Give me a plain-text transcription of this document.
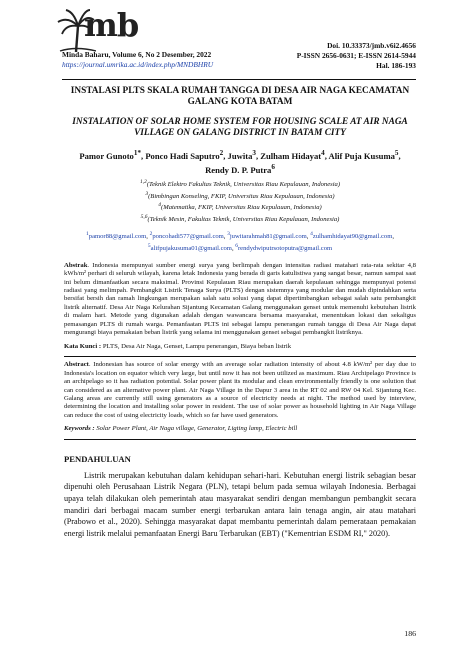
mb
Minda Baharu, Volume 6, No 2 Desember, 2022
https://journal.umrika.ac.id/index.php/MNDBHRU
Doi. 10.33373/jmb.v6i2.4656
P-ISSN 2656-0631; E-ISSN 2614-5944
Hal. 186-193

INSTALASI PLTS SKALA RUMAH TANGGA DI DESA AIR NAGA KECAMATAN GALANG KOTA BATAM

INSTALATION OF SOLAR HOME SYSTEM FOR HOUSING SCALE AT AIR NAGA VILLAGE ON GALANG DISTRICT IN BATAM CITY

Pamor Gunoto$^{1*}$, Ponco Hadi Saputro$^2$, Juwita$^3$, Zulham Hidayat$^4$, Alif Puja Kusuma$^5$,
Rendy D. P. Putra$^6$

$^{1,2}$(Teknik Elektro Fakultas Teknik, Universitas Riau Kepulauan, Indonesia)
$^3$(Bimbingan Konseling, FKIP, Universitas Riau Kepulauan, Indonesia)
$^4$(Matematika, FKIP, Universitas Riau Kepulauan, Indonesia)
$^{5,6}$(Teknik Mesin, Fakultas Teknik, Universitas Riau Kepulauan, Indonesia)
$^1$pamor88@gmail.com, $^2$poncohadi577@gmail.com, $^3$juwitarahmah81@gmail.com, $^4$zulhamhidayat90@gmail.com,
$^5$alifpujakusuma01@gmail.com, $^6$rendydwiputrsotoputra@gmail.com

Abstrak. Indonesia mempunyai sumber energi surya yang berlimpah dengan intensitas radiasi matahari rata-rata sekitar 4,8 kWh/m² perhari di seluruh wilayah, karena letak Indonesia yang berada di garis katulistiwa yang sangat besar, namun sampai saat ini belum dimanfaatkan secara maksimal. Provinsi Kepulauan Riau merupakan daerah kepulauan sehingga mempunyai potensi radiasi yang melimpah. Pembangkit Listrik Tenaga Surya (PLTS) dengan sistemnya yang modular dan mudah dipindahkan serta bersifat bersih dan ramah lingkungan merupakan salah satu solusi yang dapat dipertimbangkan sebagai salah satu pembangkit listrik alternatif. Desa Air Naga Kelurahan Sijantung Kecamatan Galang menggunakan genset untuk memenuhi kebutuhan listrik di malam hari. Metode yang digunakan adalah dengan wawancara bersama masyarakat, menentukan lokasi dan sekaligus pemasangan PLTS di rumah warga. Pemanfaatan PLTS ini sebagai lampu penerangan rumah tangga di Desa Air Naga dapat mengurangi biaya pemakaian beban listrik yang selama ini menggunakan genset sebagai pembangkit listriknya.

Kata Kunci : PLTS, Desa Air Naga, Genset, Lampu penerangan, Biaya beban listrik

Abstract. Indonesian has source of solar energy with an average solar radiation intensity of about 4.8 kW/m² per day due to Indonesia's location on equator which very large, but until now it has not been utilized as maximum. Riau Archipelago Province is an archipelago so it has radiation potential. Solar power plant its modular and clean environmentally friendly is one solution that can considered as an alternative power plant. Air Naga Village in the Dapur 3 area in the RT 02 and RW 04 Kel. Sijantung Kec. Galang areas are currently still using generators as a source of electricity needs at night. The method used by interview, determining the location and installing solar power in resident. The use of solar power as household lighting in Air Naga Village can reduce the cost of using electricity loads, which so far have used generators.

Keywords : Solar Power Plant, Air Naga village, Generator, Ligting lamp, Electric bill

PENDAHULUAN

Listrik merupakan kebutuhan dalam kehidupan sehari-hari. Kebutuhan energi listrik sebagian besar dipenuhi oleh Perusahaan Listrik Negara (PLN), tetapi belum pada semua wilayah Indonesia. Berbagai upaya telah dilakukan oleh pemerintah atau masyarakat sendiri dengan membangun pembangkit secara mandiri dari berbagai macam sumber energi terbarukan antara lain tenaga angin, air atau matahari (Prabowo et al., 2020). Sehingga masyarakat dapat membantu pemerintah dalam pemerataan pemakaian energi listrik melalui pemanfaatan Energi Baru Terbarukan (EBT) ("Kementrian ESDM RI," 2020).

186
